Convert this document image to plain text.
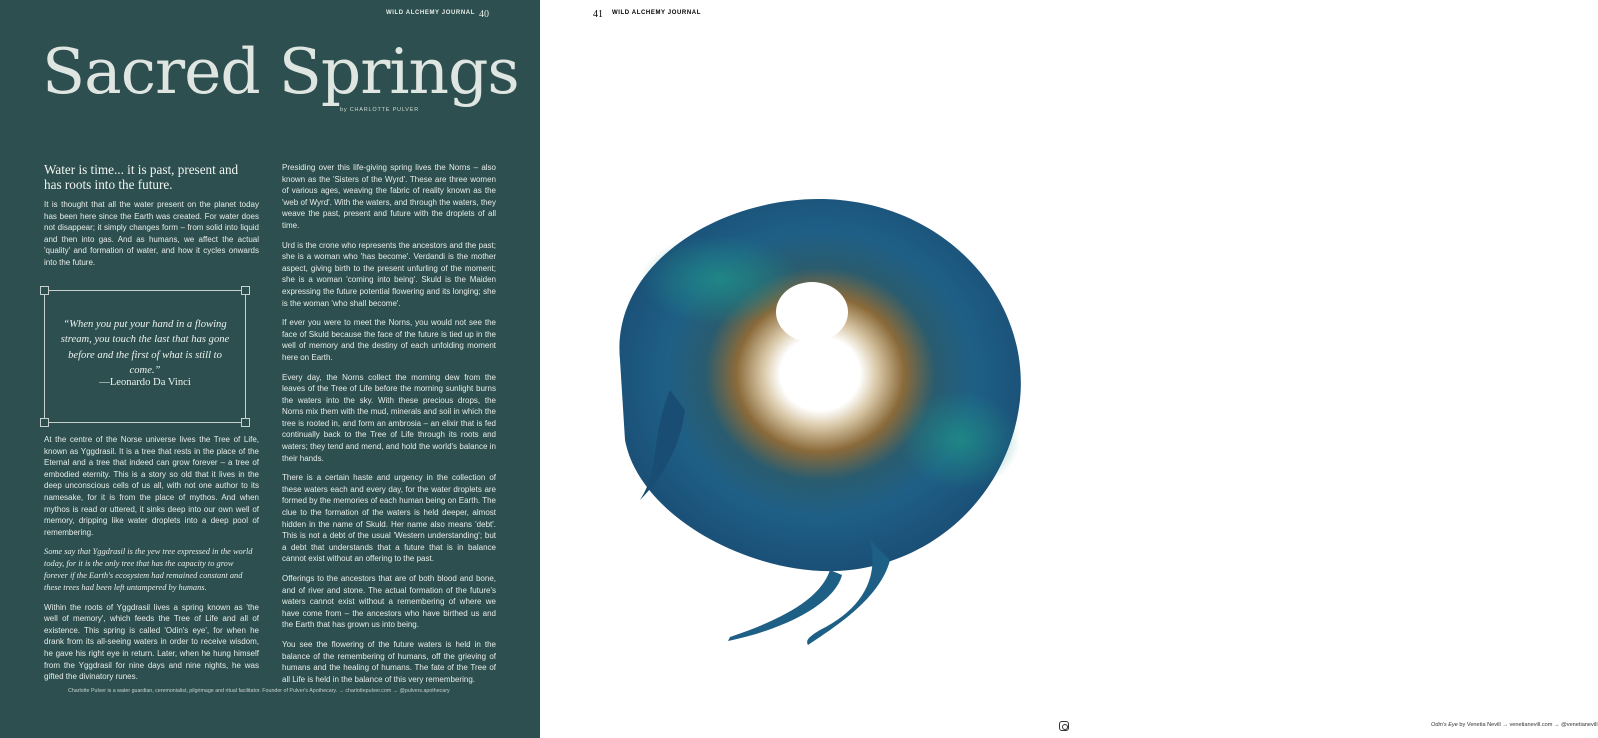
WILD ALCHEMY JOURNAL 40
Sacred Springs
by CHARLOTTE PULVER

Water is time... it is past, present and has roots into the future.

It is thought that all the water present on the planet today has been here since the Earth was created. For water does not disappear; it simply changes form – from solid into liquid and then into gas. And as humans, we affect the actual 'quality' and formation of water, and how it cycles onwards into the future.

“When you put your hand in a flowing stream, you touch the last that has gone before and the first of what is still to come.”
—Leonardo Da Vinci

At the centre of the Norse universe lives the Tree of Life, known as Yggdrasil. It is a tree that rests in the place of the Eternal and a tree that indeed can grow forever – a tree of embodied eternity. This is a story so old that it lives in the deep unconscious cells of us all, with not one author to its namesake, for it is from the place of mythos. And when mythos is read or uttered, it sinks deep into our own well of memory, dripping like water droplets into a deep pool of remembering.

Some say that Yggdrasil is the yew tree expressed in the world today, for it is the only tree that has the capacity to grow forever if the Earth's ecosystem had remained constant and these trees had been left untampered by humans.

Within the roots of Yggdrasil lives a spring known as 'the well of memory', which feeds the Tree of Life and all of existence. This spring is called 'Odin's eye', for when he drank from its all-seeing waters in order to receive wisdom, he gave his right eye in return. Later, when he hung himself from the Yggdrasil for nine days and nine nights, he was gifted the divinatory runes.

Presiding over this life-giving spring lives the Norns – also known as the 'Sisters of the Wyrd'. These are three women of various ages, weaving the fabric of reality known as the 'web of Wyrd'. With the waters, and through the waters, they weave the past, present and future with the droplets of all time.

Urd is the crone who represents the ancestors and the past; she is a woman who 'has become'. Verdandi is the mother aspect, giving birth to the present unfurling of the moment; she is a woman 'coming into being'. Skuld is the Maiden expressing the future potential flowering and its longing; she is the woman 'who shall become'.

If ever you were to meet the Norns, you would not see the face of Skuld because the face of the future is tied up in the well of memory and the destiny of each unfolding moment here on Earth.

Every day, the Norns collect the morning dew from the leaves of the Tree of Life before the morning sunlight burns the waters into the sky. With these precious drops, the Norns mix them with the mud, minerals and soil in which the tree is rooted in, and form an ambrosia – an elixir that is fed continually back to the Tree of Life through its roots and waters; they tend and mend, and hold the world's balance in their hands.

There is a certain haste and urgency in the collection of these waters each and every day, for the water droplets are formed by the memories of each human being on Earth. The clue to the formation of the waters is held deeper, almost hidden in the name of Skuld. Her name also means 'debt'. This is not a debt of the usual 'Western understanding'; but a debt that understands that a future that is in balance cannot exist without an offering to the past.

Offerings to the ancestors that are of both blood and bone, and of river and stone. The actual formation of the future's waters cannot exist without a remembering of where we have come from – the ancestors who have birthed us and the Earth that has grown us into being.

You see the flowering of the future waters is held in the balance of the remembering of humans, off the grieving of humans and the healing of humans. The fate of the Tree of all Life is held in the balance of this very remembering.

Charlotte Pulver is a water guardian, ceremonialist, pilgrimage and ritual facilitator. Founder of Pulver's Apothecary. → charlottepulver.com → @pulvers.apothecary
41 WILD ALCHEMY JOURNAL
Odin's Eye by Venetia Nevill → venetianevill.com → @venetianevill
